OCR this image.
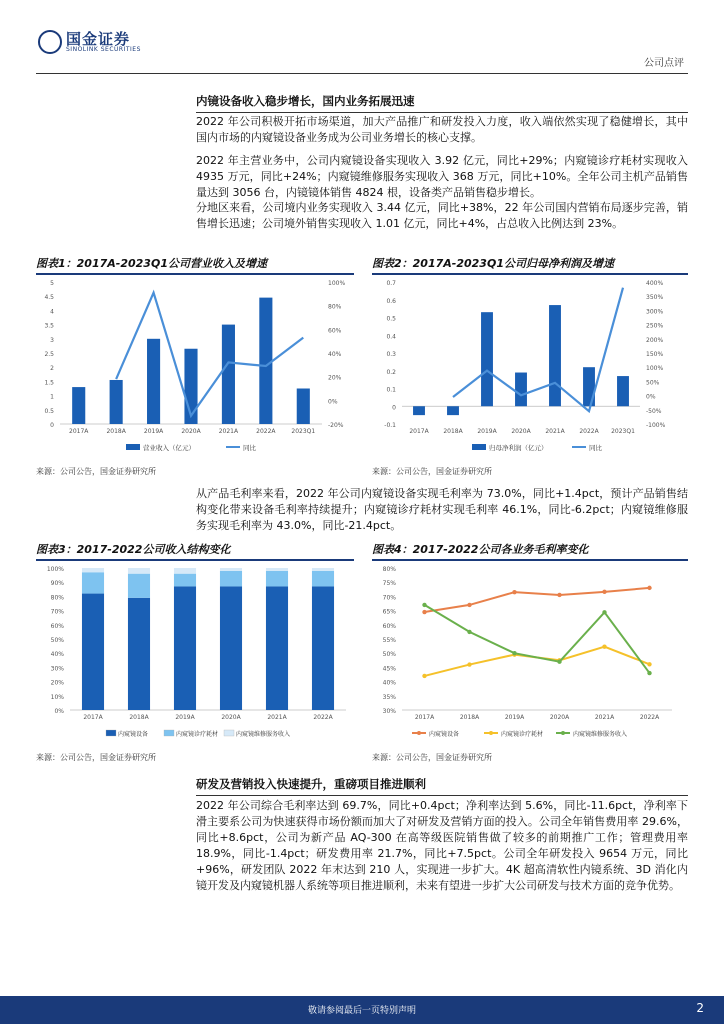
国金证券
SINOLINK SECURITIES
公司点评
内镜设备收入稳步增长，国内业务拓展迅速
2022 年公司积极开拓市场渠道，加大产品推广和研发投入力度，收入端依然实现了稳健增长，其中国内市场的内窥镜设备业务成为公司业务增长的核心支撑。
2022 年主营业务中，公司内窥镜设备实现收入 3.92 亿元，同比+29%；内窥镜诊疗耗材实现收入 4935 万元，同比+24%；内窥镜维修服务实现收入 368 万元，同比+10%。全年公司主机产品销售量达到 3056 台，内镜镜体销售 4824 根，设备类产品销售稳步增长。
分地区来看，公司境内业务实现收入 3.44 亿元，同比+38%，22 年公司国内营销布局逐步完善，销售增长迅速；公司境外销售实现收入 1.01 亿元，同比+4%，占总收入比例达到 23%。
图表1：2017A-2023Q1公司营业收入及增速
0
0.5
1
1.5
2
2.5
3
3.5
4
4.5
5
-20%
0%
20%
40%
60%
80%
100%
2017A	2018A	2019A	2020A	2021A	2022A	2023Q1
营业收入（亿元）	同比
来源：公司公告，国金证券研究所
图表2：2017A-2023Q1公司归母净利润及增速
-0.1
0
0.1
0.2
0.3
0.4
0.5
0.6
0.7
-100%
-50%
0%
50%
100%
150%
200%
250%
300%
350%
400%
2017A 2018A 2019A 2020A 2021A 2022A 2023Q1
归母净利润（亿元）	同比
来源：公司公告，国金证券研究所
从产品毛利率来看，2022 年公司内窥镜设备实现毛利率为 73.0%，同比+1.4pct，预计产品销售结构变化带来设备毛利率持续提升；内窥镜诊疗耗材实现毛利率 46.1%，同比-6.2pct；内窥镜维修服务实现毛利率为 43.0%，同比-21.4pct。
图表3：2017-2022公司收入结构变化
0%
10%
20%
30%
40%
50%
60%
70%
80%
90%
100%
2017A	2018A	2019A	2020A	2021A	2022A
内窥镜设备	内窥镜诊疗耗材	内窥镜维修服务收入
来源：公司公告，国金证券研究所
图表4：2017-2022公司各业务毛利率变化
30%
35%
40%
45%
50%
55%
60%
65%
70%
75%
80%
2017A	2018A	2019A	2020A	2021A	2022A
内窥镜设备	内窥镜诊疗耗材	内窥镜维修服务收入
来源：公司公告，国金证券研究所
研发及营销投入快速提升，重磅项目推进顺利
2022 年公司综合毛利率达到 69.7%，同比+0.4pct；净利率达到 5.6%，同比-11.6pct，净利率下滑主要系公司为快速获得市场份额而加大了对研发及营销方面的投入。公司全年销售费用率 29.6%，同比+8.6pct，公司为新产品 AQ-300 在高等级医院销售做了较多的前期推广工作；管理费用率 18.9%，同比-1.4pct；研发费用率 21.7%，同比+7.5pct。公司全年研发投入 9654 万元，同比+96%，研发团队 2022 年末达到 210 人，实现进一步扩大。4K 超高清软性内镜系统、3D 消化内镜开发及内窥镜机器人系统等项目推进顺利，未来有望进一步扩大公司研发与技术方面的竞争优势。
敬请参阅最后一页特别声明	2
